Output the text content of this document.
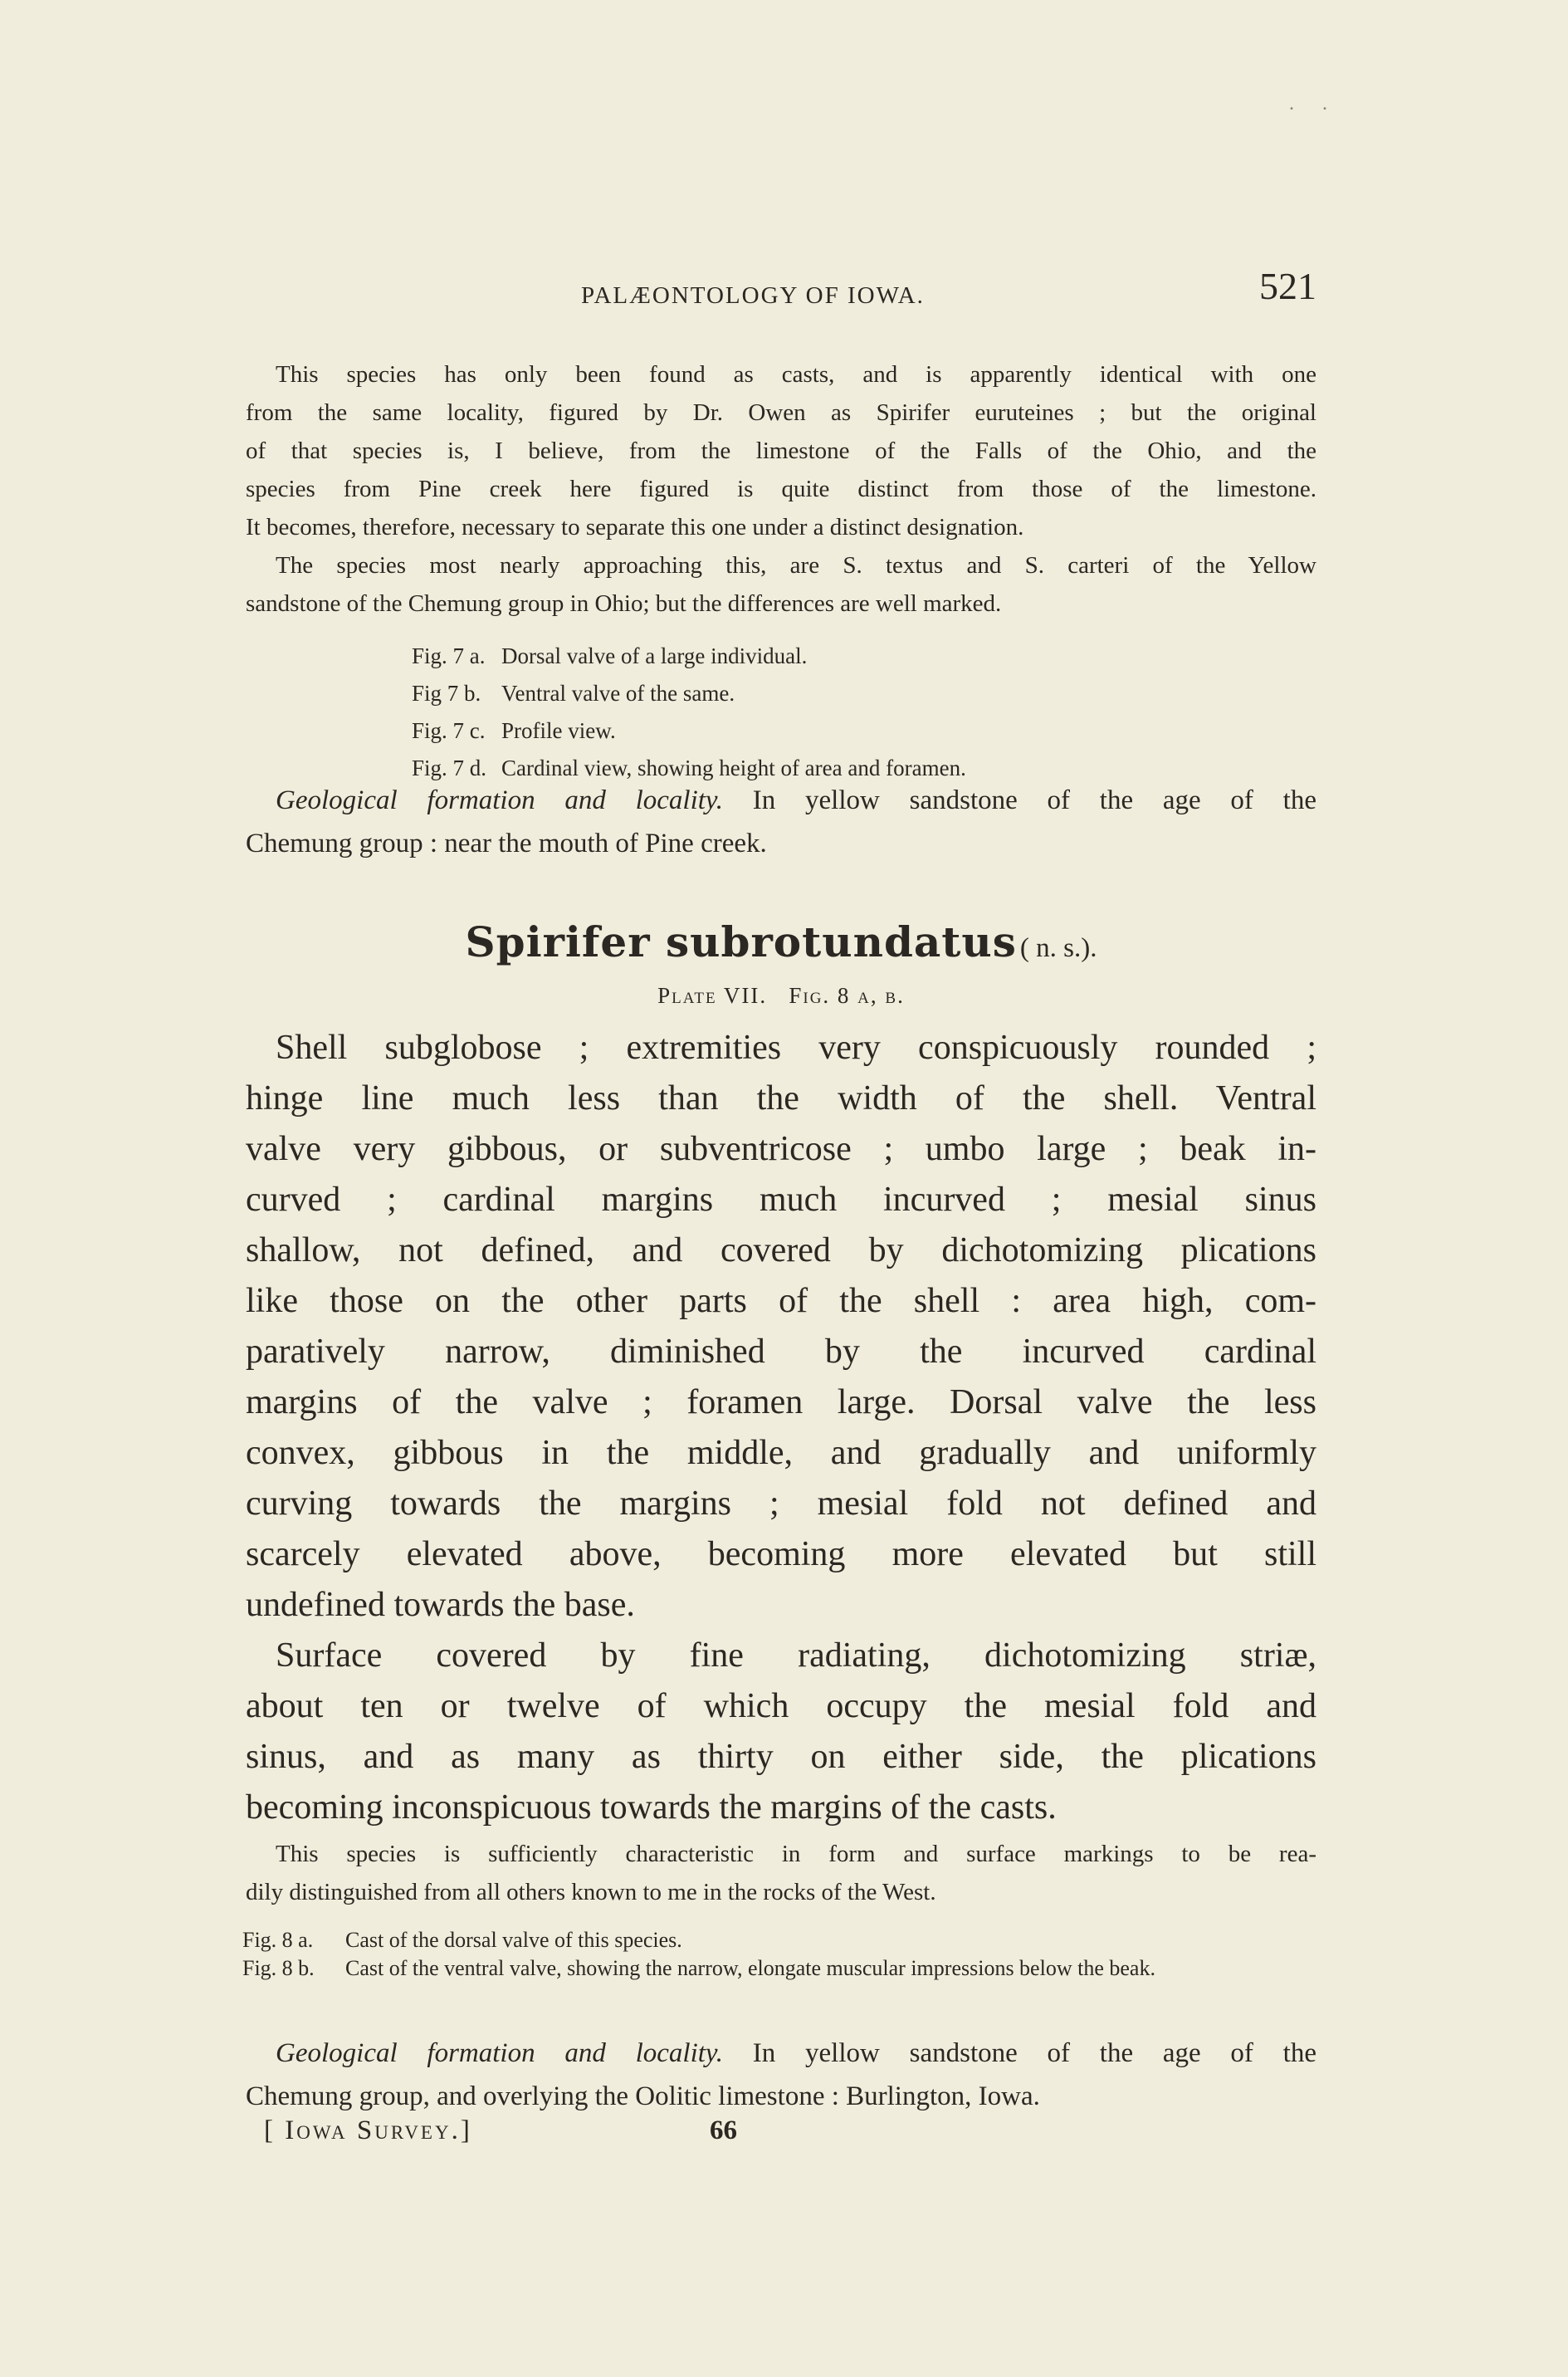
. .
PALÆONTOLOGY OF IOWA.	521
This species has only been found as casts, and is apparently identical with one
from the same locality, figured by Dr. Owen as Spirifer euruteines ; but the original
of that species is, I believe, from the limestone of the Falls of the Ohio, and the
species from Pine creek here figured is quite distinct from those of the limestone.
It becomes, therefore, necessary to separate this one under a distinct designation.
The species most nearly approaching this, are S. textus and S. carteri of the Yellow
sandstone of the Chemung group in Ohio; but the differences are well marked.
Fig. 7 a. Dorsal valve of a large individual.
Fig 7 b. Ventral valve of the same.
Fig. 7 c. Profile view.
Fig. 7 d. Cardinal view, showing height of area and foramen.
Geological formation and locality. In yellow sandstone of the age of the
Chemung group : near the mouth of Pine creek.
Spirifer subrotundatus ( n. s.).
Plate VII. Fig. 8 a, b.
Shell subglobose ; extremities very conspicuously rounded ;
hinge line much less than the width of the shell. Ventral
valve very gibbous, or subventricose ; umbo large ; beak in-
curved ; cardinal margins much incurved ; mesial sinus
shallow, not defined, and covered by dichotomizing plications
like those on the other parts of the shell : area high, com-
paratively narrow, diminished by the incurved cardinal
margins of the valve ; foramen large. Dorsal valve the less
convex, gibbous in the middle, and gradually and uniformly
curving towards the margins ; mesial fold not defined and
scarcely elevated above, becoming more elevated but still
undefined towards the base.
Surface covered by fine radiating, dichotomizing striæ,
about ten or twelve of which occupy the mesial fold and
sinus, and as many as thirty on either side, the plications
becoming inconspicuous towards the margins of the casts.
This species is sufficiently characteristic in form and surface markings to be rea-
dily distinguished from all others known to me in the rocks of the West.
Fig. 8 a.	Cast of the dorsal valve of this species.
Fig. 8 b.	Cast of the ventral valve, showing the narrow, elongate muscular impressions below the beak.
Geological formation and locality. In yellow sandstone of the age of the
Chemung group, and overlying the Oolitic limestone : Burlington, Iowa.
[ Iowa Survey.]	66
